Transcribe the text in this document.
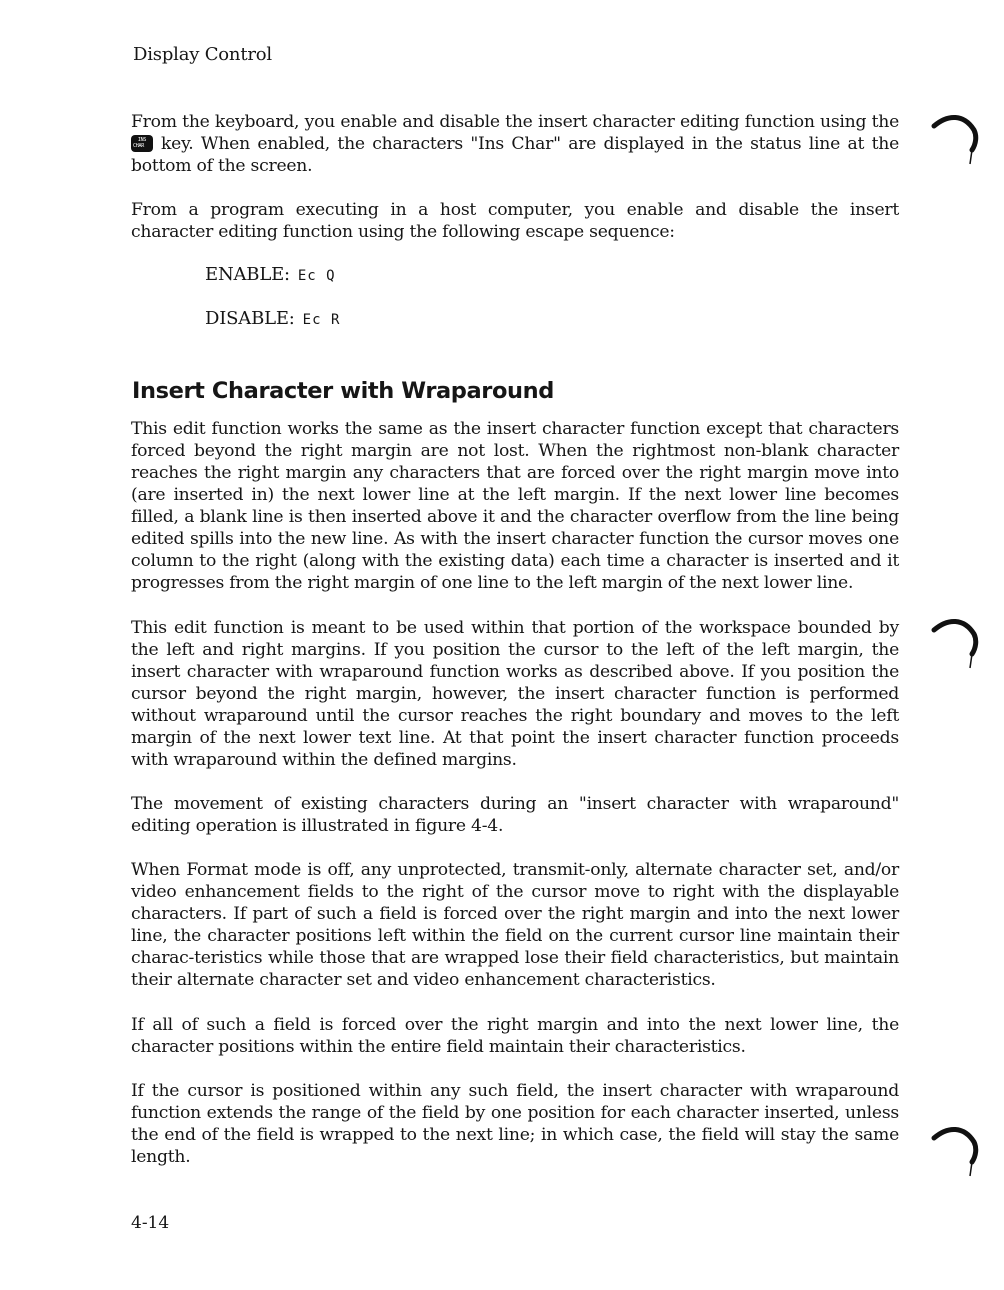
Display Control

From the keyboard, you enable and disable the insert character editing function using the
INS CHAR key. When enabled, the characters "Ins Char" are displayed in the status line at the bottom of the screen.

From a program executing in a host computer, you enable and disable the insert character editing function using the following escape sequence:

ENABLE: Ec Q
DISABLE: Ec R
Insert Character with Wraparound

This edit function works the same as the insert character function except that characters forced beyond the right margin are not lost. When the rightmost non-blank character reaches the right margin any characters that are forced over the right margin move into (are inserted in) the next lower line at the left margin. If the next lower line becomes filled, a blank line is then inserted above it and the character overflow from the line being edited spills into the new line. As with the insert character function the cursor moves one column to the right (along with the existing data) each time a character is inserted and it progresses from the right margin of one line to the left margin of the next lower line.

This edit function is meant to be used within that portion of the workspace bounded by the left and right margins. If you position the cursor to the left of the left margin, the insert character with wraparound function works as described above. If you position the cursor beyond the right margin, however, the insert character function is performed without wraparound until the cursor reaches the right boundary and moves to the left margin of the next lower text line. At that point the insert character function proceeds with wraparound within the defined margins.

The movement of existing characters during an "insert character with wraparound" editing operation is illustrated in figure 4-4.

When Format mode is off, any unprotected, transmit-only, alternate character set, and/or video enhancement fields to the right of the cursor move to right with the displayable characters. If part of such a field is forced over the right margin and into the next lower line, the character positions left within the field on the current cursor line maintain their charac-teristics while those that are wrapped lose their field characteristics, but maintain their alternate character set and video enhancement characteristics.

If all of such a field is forced over the right margin and into the next lower line, the character positions within the entire field maintain their characteristics.

If the cursor is positioned within any such field, the insert character with wraparound function extends the range of the field by one position for each character inserted, unless the end of the field is wrapped to the next line; in which case, the field will stay the same length.

4-14
